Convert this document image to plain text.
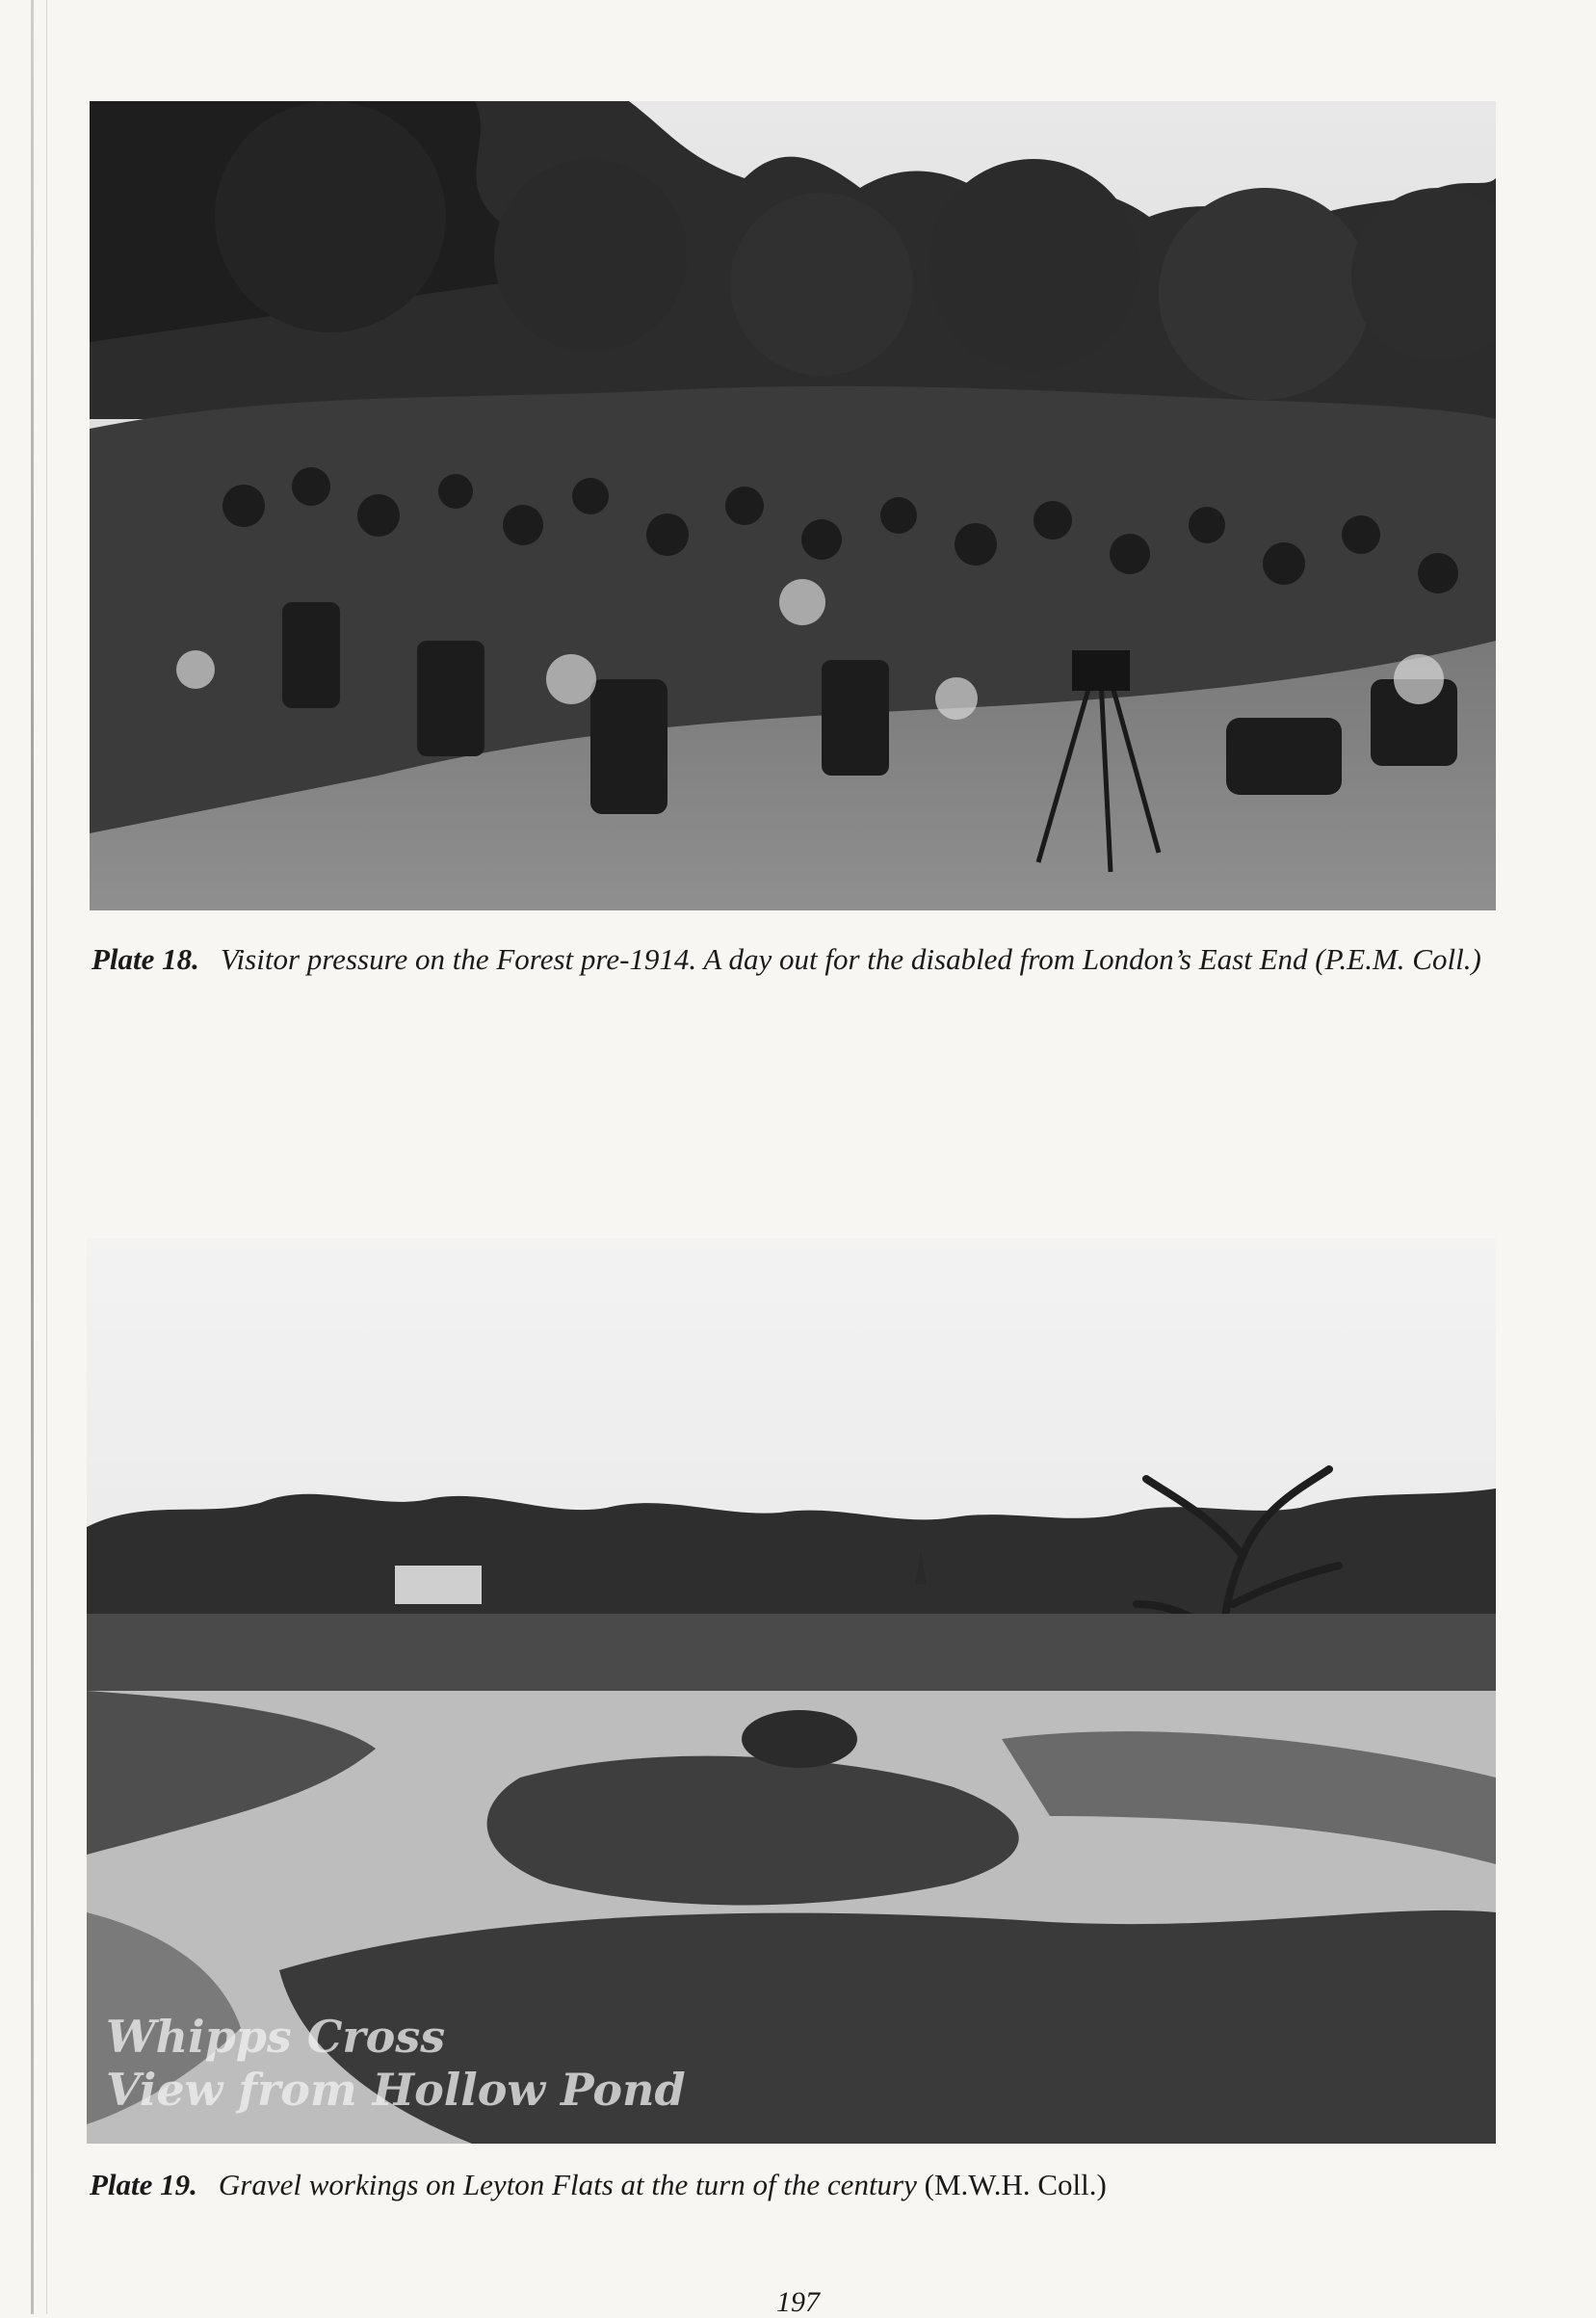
Plate 18. Visitor pressure on the Forest pre-1914. A day out for the disabled from London’s East End (P.E.M. Coll.)

Whipps Cross
View from Hollow Pond

Plate 19. Gravel workings on Leyton Flats at the turn of the century (M.W.H. Coll.)

197
